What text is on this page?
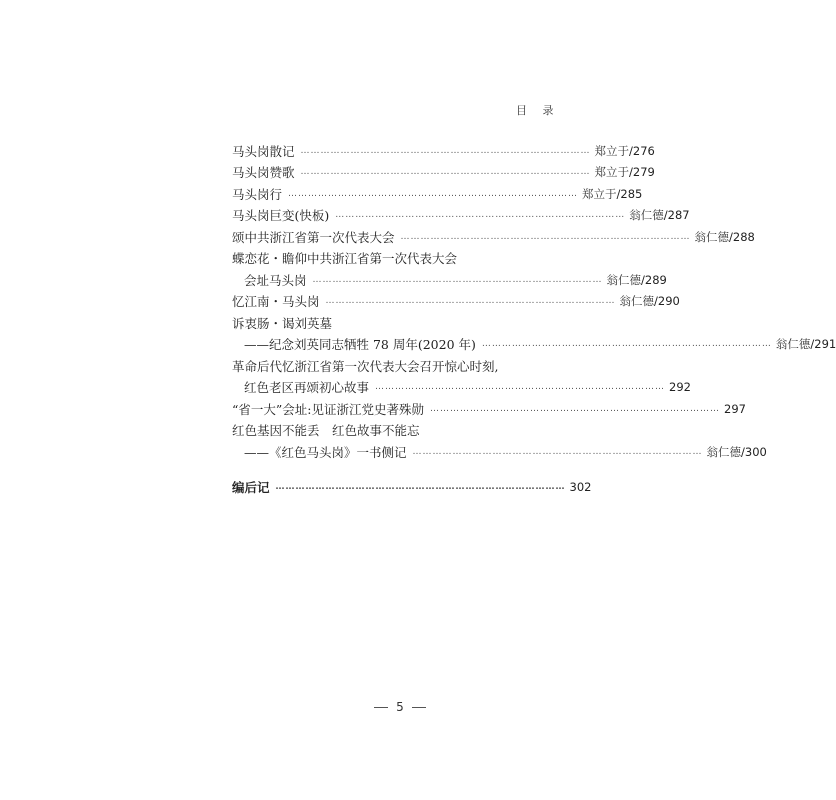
目 录
马头岗散记 …………………………………………………………………………… 郑立于 / 276
马头岗赞歌 …………………………………………………………………………… 郑立于 / 279
马头岗行 …………………………………………………………………………… 郑立于 / 285
马头岗巨变(快板) …………………………………………………………………………… 翁仁德 / 287
颂中共浙江省第一次代表大会 …………………………………………………………………………… 翁仁德 / 288
蝶恋花・瞻仰中共浙江省第一次代表大会
会址马头岗 …………………………………………………………………………… 翁仁德 / 289
忆江南・马头岗 …………………………………………………………………………… 翁仁德 / 290
诉衷肠・谒刘英墓
——纪念刘英同志牺牲 78 周年(2020 年) …………………………………………………………………………… 翁仁德 / 291
革命后代忆浙江省第一次代表大会召开惊心时刻,
红色老区再颂初心故事 …………………………………………………………………………… 292
“省一大”会址:见证浙江党史著殊勋 …………………………………………………………………………… 297
红色基因不能丢　红色故事不能忘
——《红色马头岗》一书侧记 …………………………………………………………………………… 翁仁德 / 300
编后记 …………………………………………………………………………… 302
5
